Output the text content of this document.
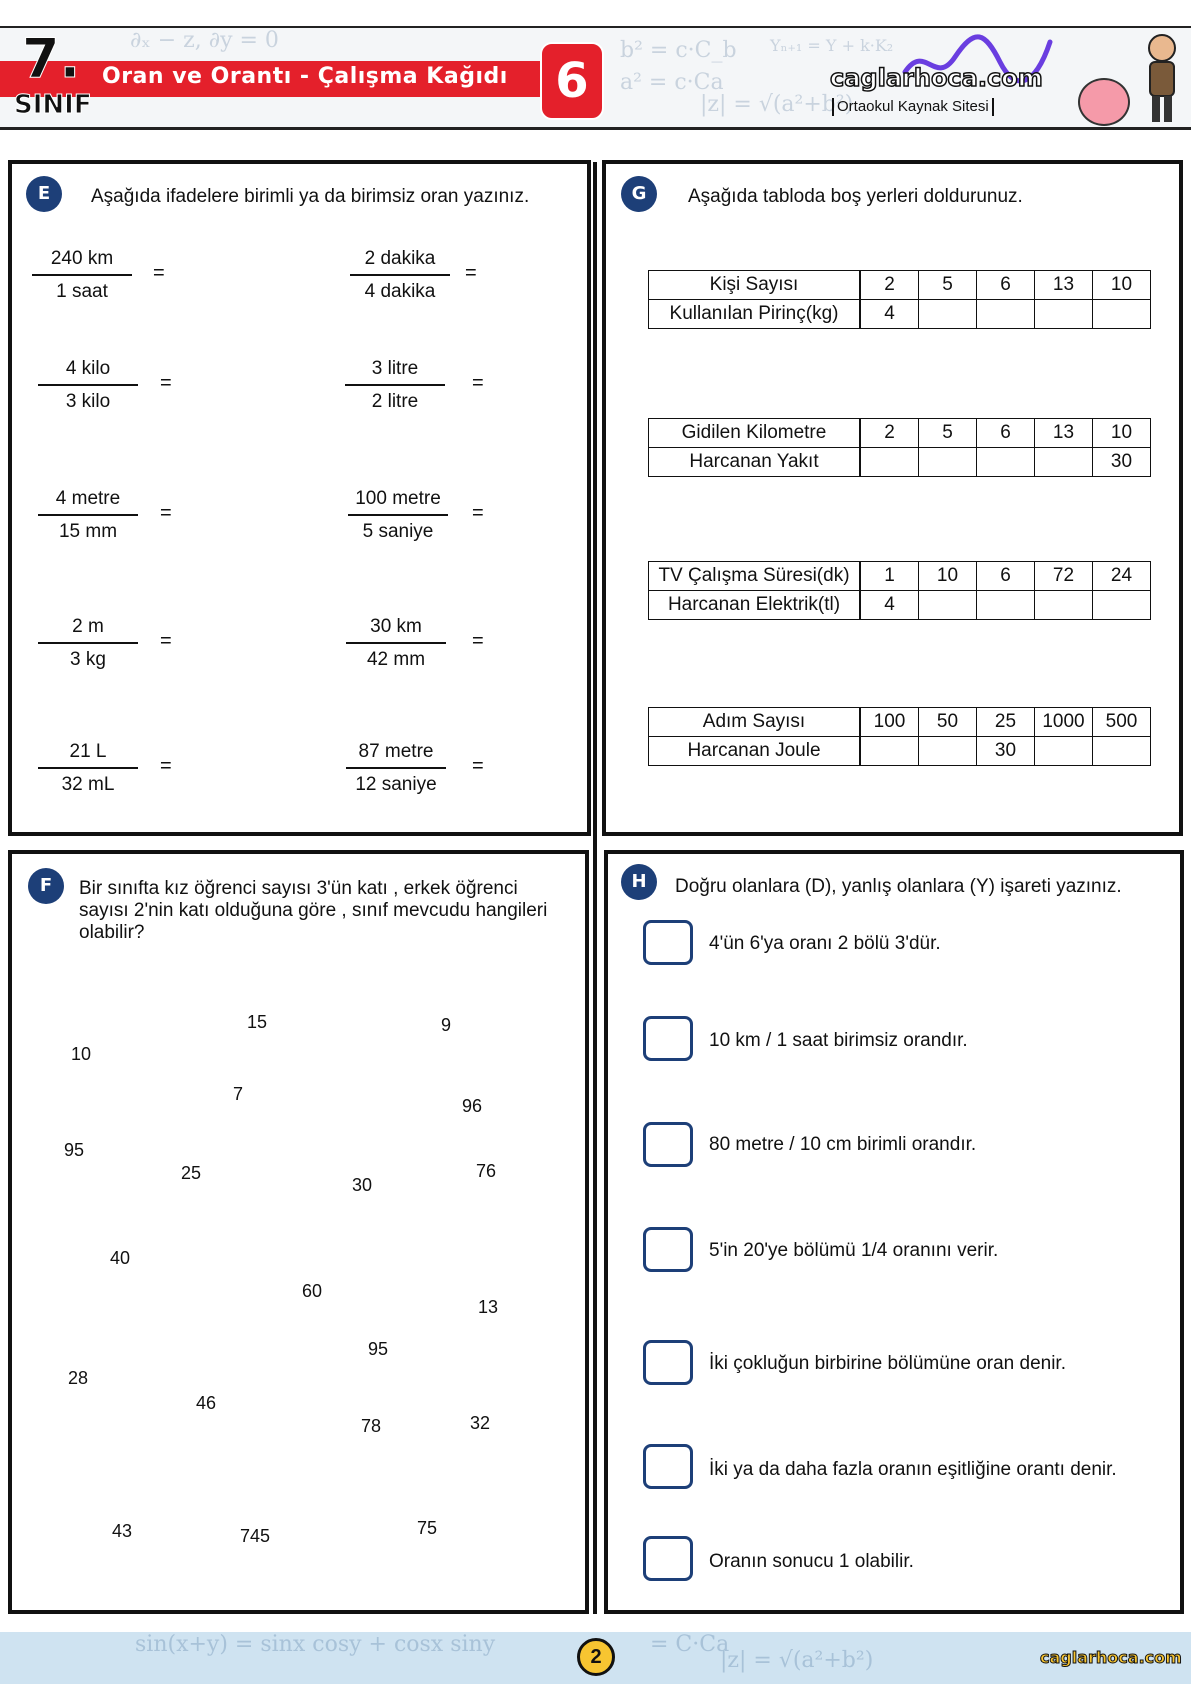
∂ₓ − z, ∂y = 0	b² = c·C_b
a² = c·Ca
|z| = √(a²+b²)
Yₙ₊₁ = Y + k·K₂
7.
SINIF
Oran ve Orantı - Çalışma Kağıdı 6	caglarhoca.com
Ortaokul Kaynak Sitesi
E	Aşağıda ifadelere birimli ya da birimsiz oran yazınız.
240 km
1 saat
=
2 dakika
4 dakika
=
4 kilo
3 kilo
=
3 litre
2 litre
=
4 metre
15 mm
=
100 metre
5 saniye
=
2 m
3 kg
=
30 km
42 mm
=
21 L
32 mL
=
87 metre
12 saniye
=
G	Aşağıda tabloda boş yerleri doldurunuz.
Kişi Sayısı	2	5	6	13	10
Kullanılan Pirinç(kg)	4				
Gidilen Kilometre	2	5	6	13	10
Harcanan Yakıt					30
TV Çalışma Süresi(dk)	1	10	6	72	24
Harcanan Elektrik(tl)	4				
Adım Sayısı	100	50	25	1000	500
Harcanan Joule			30		
F	Bir sınıfta kız öğrenci sayısı 3'ün katı , erkek öğrenci sayısı 2'nin katı olduğuna göre , sınıf mevcudu hangileri olabilir?
15	9
10
7
96
95
25
30
76
40
60
13
95
28
46
78	32
43	745	75
H	Doğru olanlara (D), yanlış olanlara (Y) işareti yazınız.
4'ün 6'ya oranı 2 bölü 3'dür.
10 km / 1 saat birimsiz orandır.
80 metre / 10 cm birimli orandır.
5'in 20'ye bölümü 1/4 oranını verir.
İki çokluğun birbirine bölümüne oran denir.
İki ya da daha fazla oranın eşitliğine orantı denir.
Oranın sonucu 1 olabilir.
sin(x+y) = sinx cosy + cosx siny	= C·Ca
|z| = √(a²+b²)
2	caglarhoca.com
